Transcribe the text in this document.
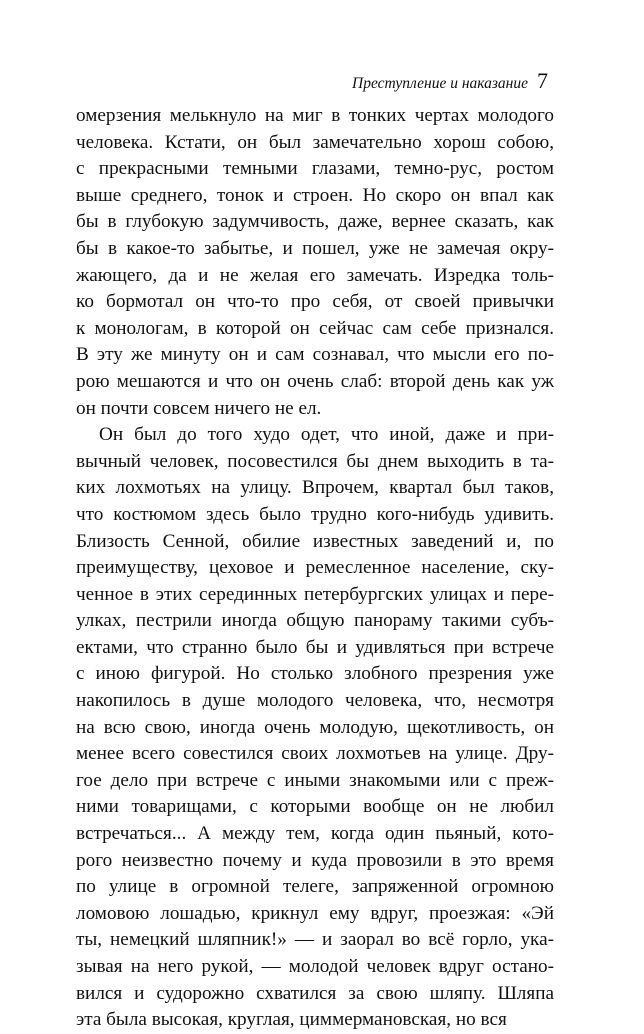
Преступление и наказание 7
омерзения мелькнуло на миг в тонких чертах молодого
человека. Кстати, он был замечательно хорош собою,
с прекрасными темными глазами, темно-рус, ростом
выше среднего, тонок и строен. Но скоро он впал как
бы в глубокую задумчивость, даже, вернее сказать, как
бы в какое-то забытье, и пошел, уже не замечая окру-
жающего, да и не желая его замечать. Изредка толь-
ко бормотал он что-то про себя, от своей привычки
к монологам, в которой он сейчас сам себе признался.
В эту же минуту он и сам сознавал, что мысли его по-
рою мешаются и что он очень слаб: второй день как уж
он почти совсем ничего не ел.
Он был до того худо одет, что иной, даже и при-
вычный человек, посовестился бы днем выходить в та-
ких лохмотьях на улицу. Впрочем, квартал был таков,
что костюмом здесь было трудно кого-нибудь удивить.
Близость Сенной, обилие известных заведений и, по
преимуществу, цеховое и ремесленное население, ску-
ченное в этих серединных петербургских улицах и пере-
улках, пестрили иногда общую панораму такими субъ-
ектами, что странно было бы и удивляться при встрече
с иною фигурой. Но столько злобного презрения уже
накопилось в душе молодого человека, что, несмотря
на всю свою, иногда очень молодую, щекотливость, он
менее всего совестился своих лохмотьев на улице. Дру-
гое дело при встрече с иными знакомыми или с преж-
ними товарищами, с которыми вообще он не любил
встречаться... А между тем, когда один пьяный, кото-
рого неизвестно почему и куда провозили в это время
по улице в огромной телеге, запряженной огромною
ломовою лошадью, крикнул ему вдруг, проезжая: «Эй
ты, немецкий шляпник!» — и заорал во всё горло, ука-
зывая на него рукой, — молодой человек вдруг остано-
вился и судорожно схватился за свою шляпу. Шляпа
эта была высокая, круглая, циммермановская, но вся
